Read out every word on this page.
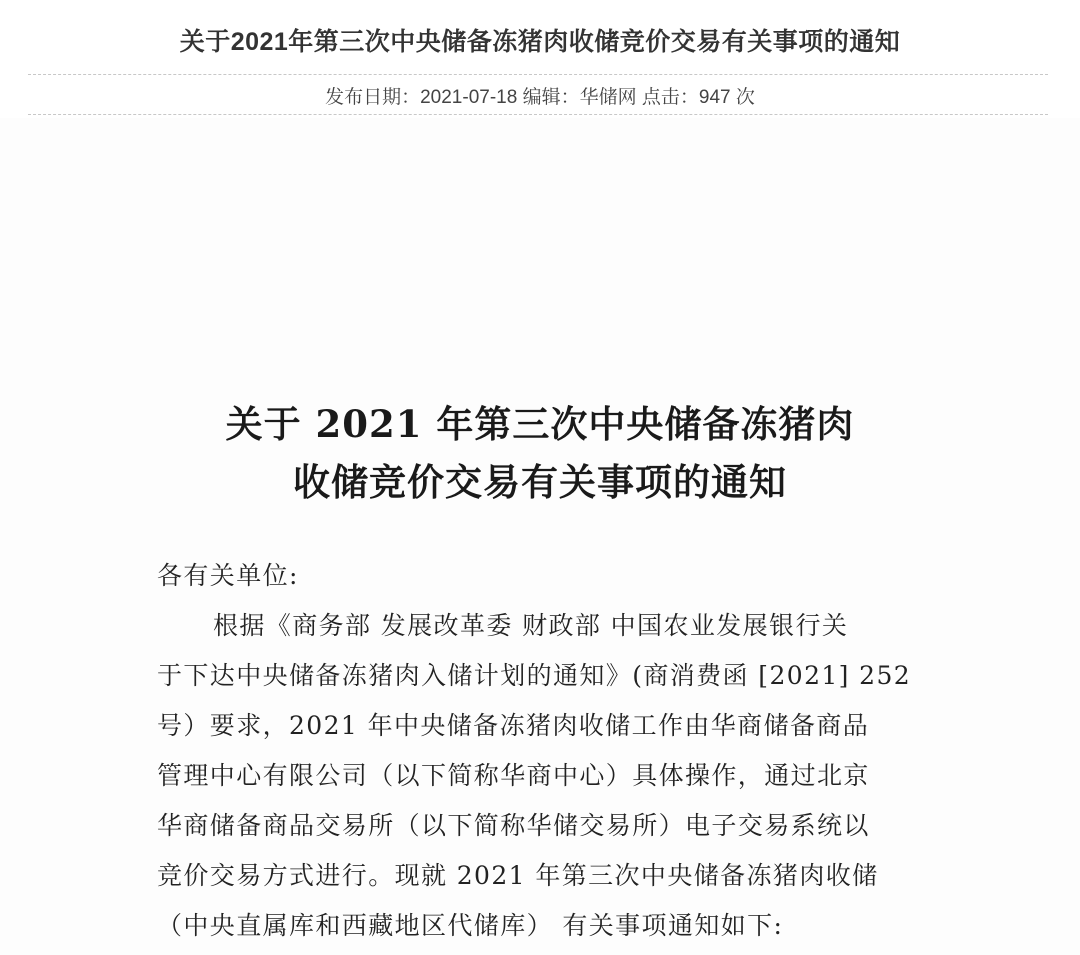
关于2021年第三次中央储备冻猪肉收储竞价交易有关事项的通知
发布日期：2021-07-18 编辑：华储网 点击：947 次
关于 2021 年第三次中央储备冻猪肉
收储竞价交易有关事项的通知
各有关单位:
根据《商务部 发展改革委 财政部 中国农业发展银行关
于下达中央储备冻猪肉入储计划的通知》(商消费函 [2021] 252
号）要求，2021 年中央储备冻猪肉收储工作由华商储备商品
管理中心有限公司（以下简称华商中心）具体操作，通过北京
华商储备商品交易所（以下简称华储交易所）电子交易系统以
竞价交易方式进行。现就 2021 年第三次中央储备冻猪肉收储
（中央直属库和西藏地区代储库） 有关事项通知如下:
